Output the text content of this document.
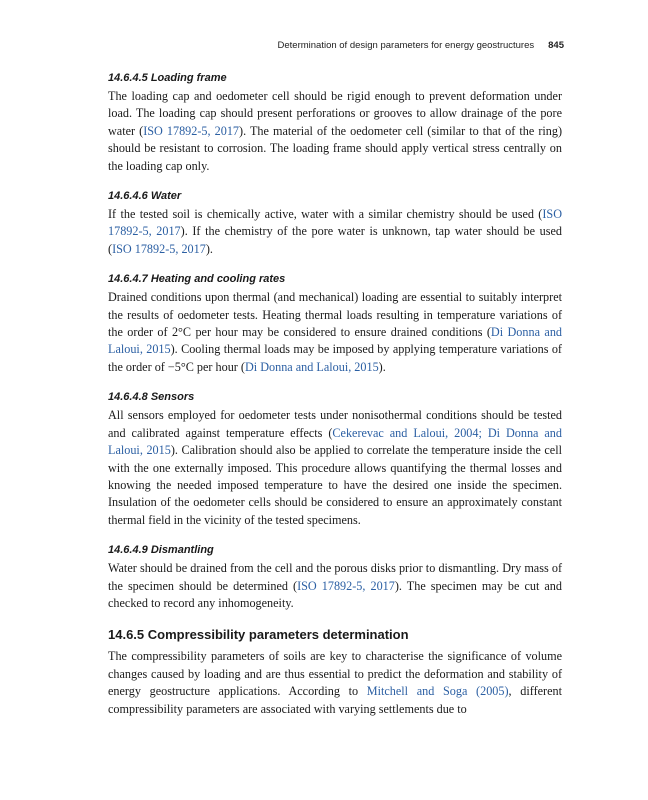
Determination of design parameters for energy geostructures 845
14.6.4.5 Loading frame

The loading cap and oedometer cell should be rigid enough to prevent deformation under load. The loading cap should present perforations or grooves to allow drainage of the pore water (ISO 17892-5, 2017). The material of the oedometer cell (similar to that of the ring) should be resistant to corrosion. The loading frame should apply vertical stress centrally on the loading cap only.

14.6.4.6 Water

If the tested soil is chemically active, water with a similar chemistry should be used (ISO 17892-5, 2017). If the chemistry of the pore water is unknown, tap water should be used (ISO 17892-5, 2017).

14.6.4.7 Heating and cooling rates

Drained conditions upon thermal (and mechanical) loading are essential to suitably interpret the results of oedometer tests. Heating thermal loads resulting in temperature variations of the order of 2°C per hour may be considered to ensure drained conditions (Di Donna and Laloui, 2015). Cooling thermal loads may be imposed by applying temperature variations of the order of −5°C per hour (Di Donna and Laloui, 2015).

14.6.4.8 Sensors

All sensors employed for oedometer tests under nonisothermal conditions should be tested and calibrated against temperature effects (Cekerevac and Laloui, 2004; Di Donna and Laloui, 2015). Calibration should also be applied to correlate the temperature inside the cell with the one externally imposed. This procedure allows quantifying the thermal losses and knowing the needed imposed temperature to have the desired one inside the specimen. Insulation of the oedometer cells should be considered to ensure an approximately constant thermal field in the vicinity of the tested specimens.

14.6.4.9 Dismantling

Water should be drained from the cell and the porous disks prior to dismantling. Dry mass of the specimen should be determined (ISO 17892-5, 2017). The specimen may be cut and checked to record any inhomogeneity.

14.6.5 Compressibility parameters determination

The compressibility parameters of soils are key to characterise the significance of volume changes caused by loading and are thus essential to predict the deformation and stability of energy geostructure applications. According to Mitchell and Soga (2005), different compressibility parameters are associated with varying settlements due to
